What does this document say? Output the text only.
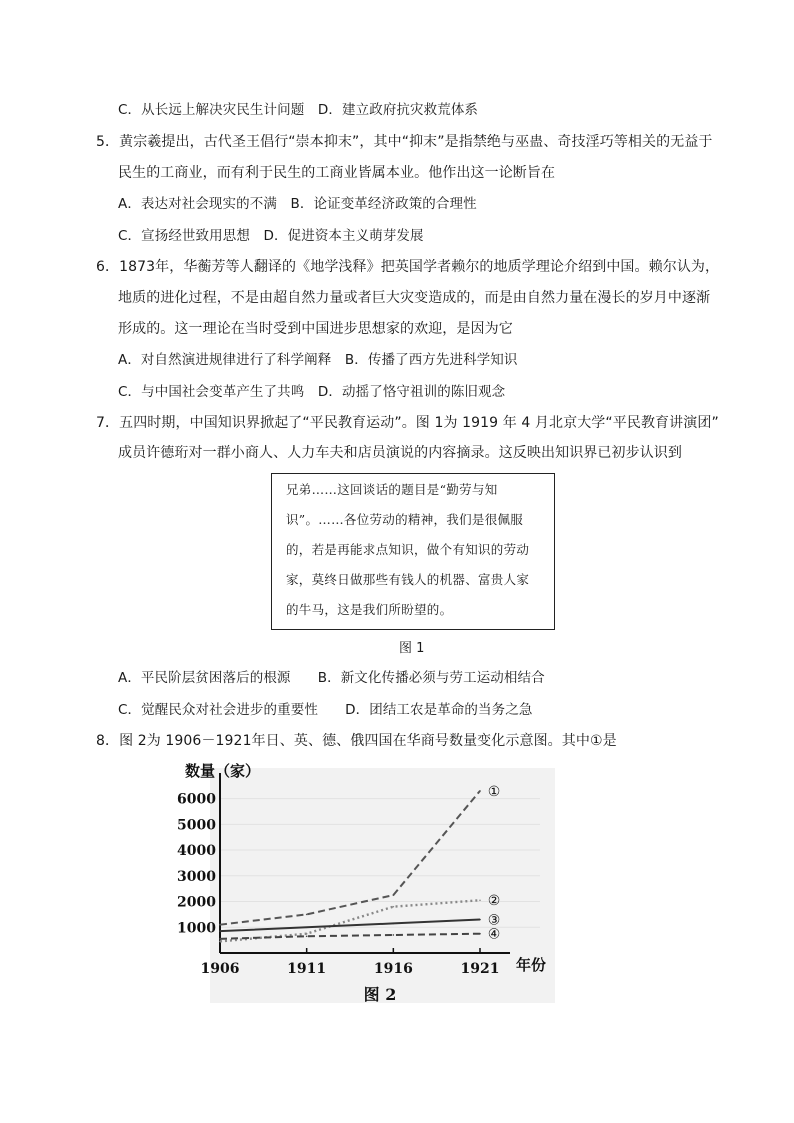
C．从长远上解决灾民生计问题　D．建立政府抗灾救荒体系
5．黄宗羲提出，古代圣王倡行“崇本抑末”，其中“抑末”是指禁绝与巫蛊、奇技淫巧等相关的无益于
民生的工商业，而有利于民生的工商业皆属本业。他作出这一论断旨在
A．表达对社会现实的不满　B．论证变革经济政策的合理性
C．宣扬经世致用思想　D．促进资本主义萌芽发展
6．1873年，华蘅芳等人翻译的《地学浅释》把英国学者赖尔的地质学理论介绍到中国。赖尔认为，
地质的进化过程，不是由超自然力量或者巨大灾变造成的，而是由自然力量在漫长的岁月中逐渐
形成的。这一理论在当时受到中国进步思想家的欢迎，是因为它
A．对自然演进规律进行了科学阐释　B．传播了西方先进科学知识
C．与中国社会变革产生了共鸣　D．动摇了恪守祖训的陈旧观念
7．五四时期，中国知识界掀起了“平民教育运动”。图 1为 1919 年 4 月北京大学“平民教育讲演团”
成员许德珩对一群小商人、人力车夫和店员演说的内容摘录。这反映出知识界已初步认识到
兄弟……这回谈话的题目是“勤劳与知
识”。……各位劳动的精神，我们是很佩服
的，若是再能求点知识，做个有知识的劳动
家，莫终日做那些有钱人的机器、富贵人家
的牛马，这是我们所盼望的。
图 1
A．平民阶层贫困落后的根源　　B．新文化传播必须与劳工运动相结合
C．觉醒民众对社会进步的重要性　　D．团结工农是革命的当务之急
8．图 2为 1906－1921年日、英、德、俄四国在华商号数量变化示意图。其中①是
1000
2000
3000
4000
5000
6000
1906	1911	1916	1921
数量（家）
年份
①
②
③
④
图 2
